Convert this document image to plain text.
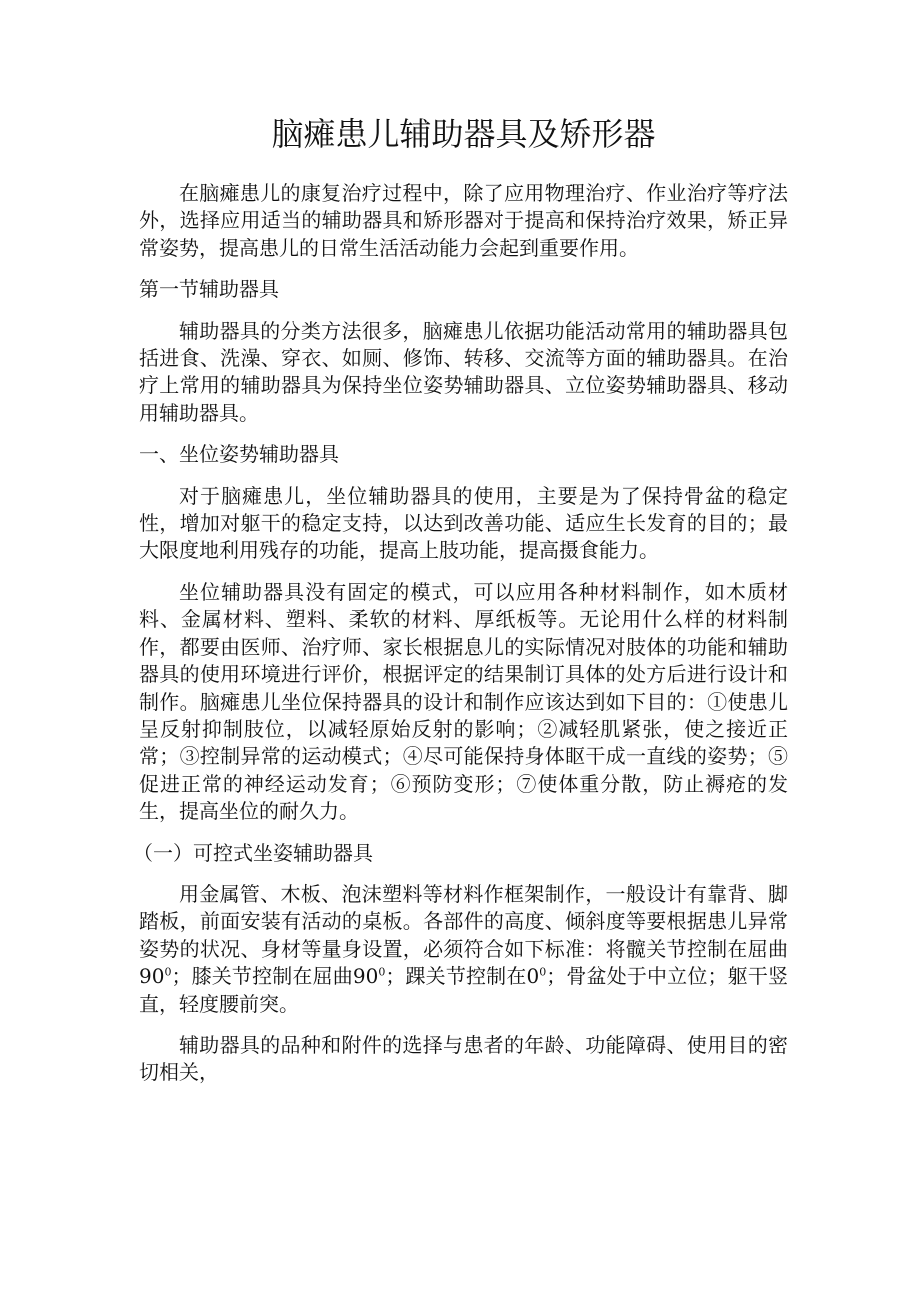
脑瘫患儿辅助器具及矫形器

在脑瘫患儿的康复治疗过程中，除了应用物理治疗、作业治疗等疗法外，选择应用适当的辅助器具和矫形器对于提高和保持治疗效果，矫正异常姿势，提高患儿的日常生活活动能力会起到重要作用。

第一节辅助器具

辅助器具的分类方法很多，脑瘫患儿依据功能活动常用的辅助器具包括进食、洗澡、穿衣、如厕、修饰、转移、交流等方面的辅助器具。在治疗上常用的辅助器具为保持坐位姿势辅助器具、立位姿势辅助器具、移动用辅助器具。

一、坐位姿势辅助器具

对于脑瘫患儿，坐位辅助器具的使用，主要是为了保持骨盆的稳定性，增加对躯干的稳定支持，以达到改善功能、适应生长发育的目的；最大限度地利用残存的功能，提高上肢功能，提高摄食能力。

坐位辅助器具没有固定的模式，可以应用各种材料制作，如木质材料、金属材料、塑料、柔软的材料、厚纸板等。无论用什么样的材料制作，都要由医师、治疗师、家长根据息儿的实际情况对肢体的功能和辅助器具的使用环境进行评价，根据评定的结果制订具体的处方后进行设计和制作。脑瘫患儿坐位保持器具的设计和制作应该达到如下目的：①使患儿呈反射抑制肢位，以减轻原始反射的影响；②减轻肌紧张，使之接近正常；③控制异常的运动模式；④尽可能保持身体眍干成一直线的姿势；⑤促进正常的神经运动发育；⑥预防变形；⑦使体重分散，防止褥疮的发生，提高坐位的耐久力。

（一）可控式坐姿辅助器具

用金属管、木板、泡沫塑料等材料作框架制作，一般设计有靠背、脚踏板，前面安装有活动的桌板。各部件的高度、倾斜度等要根据患儿异常姿势的状况、身材等量身设置，必须符合如下标准：将髋关节控制在屈曲$90^0$；膝关节控制在屈曲$90^0$；踝关节控制在$0^0$；骨盆处于中立位；躯干竖直，轻度腰前突。

辅助器具的品种和附件的选择与患者的年龄、功能障碍、使用目的密切相关，
